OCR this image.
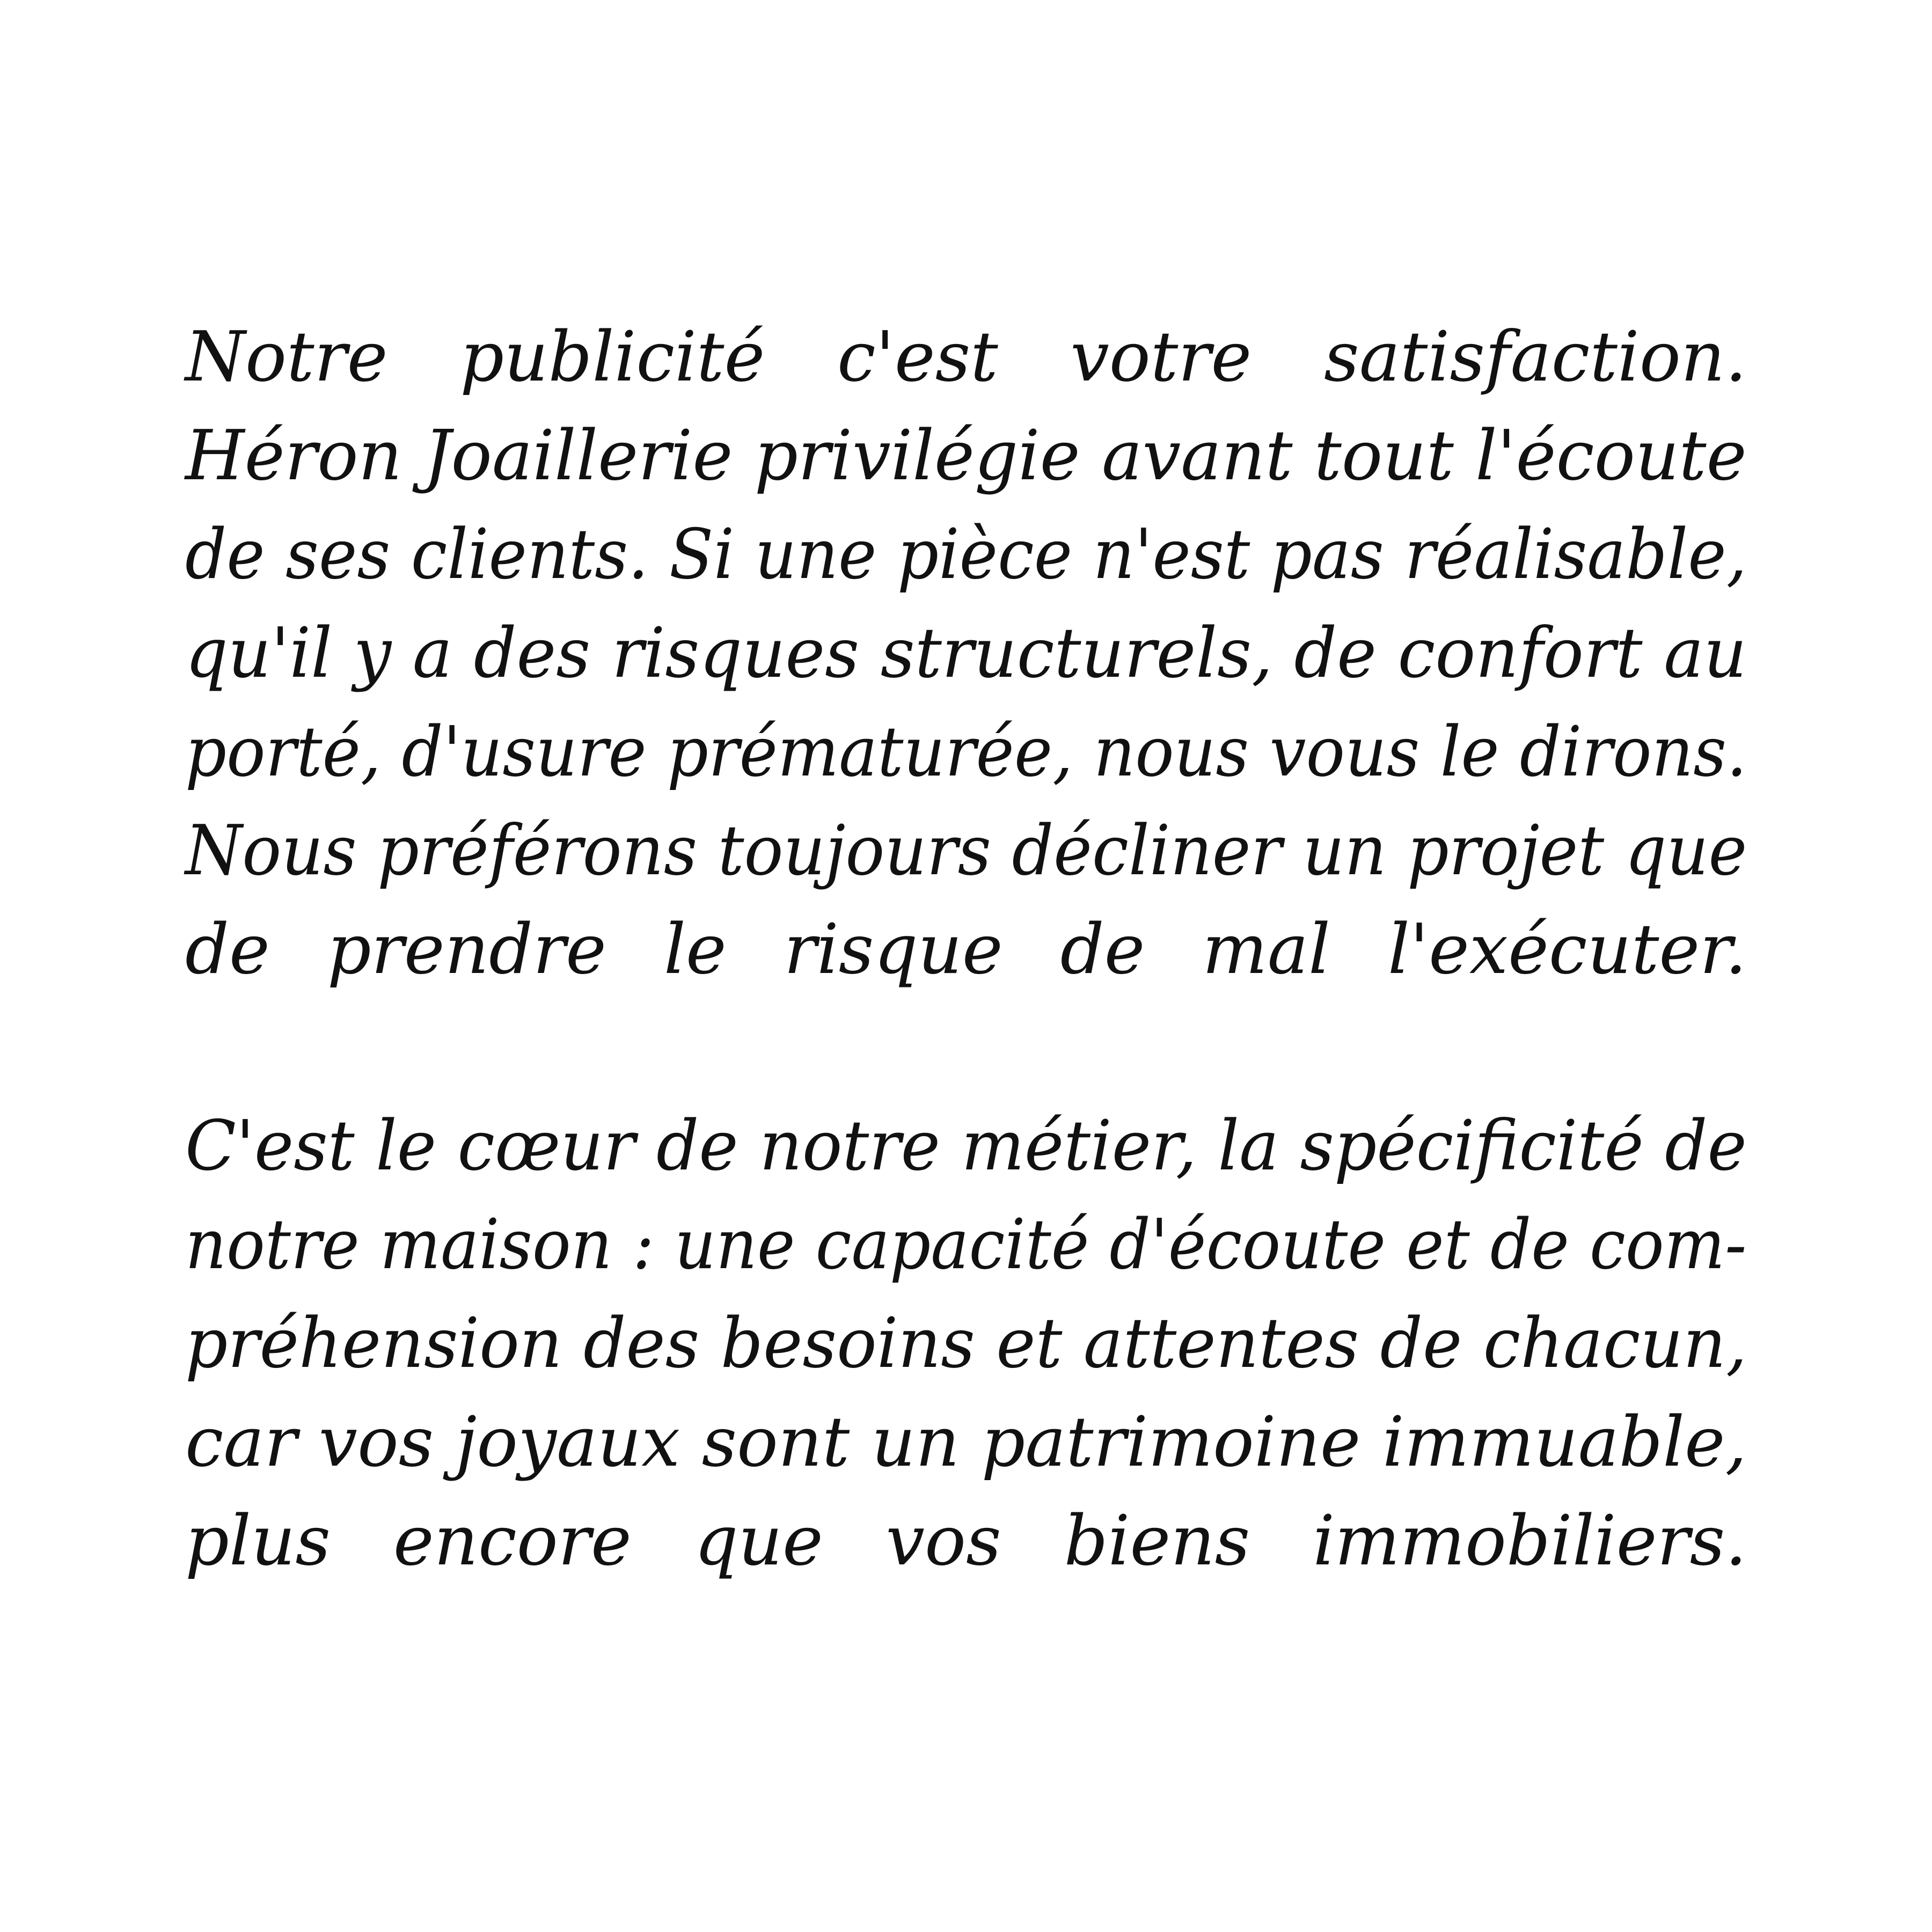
Notre publicité c'est votre satisfaction.
Héron Joaillerie privilégie avant tout l'écoute
de ses clients. Si une pièce n'est pas réalisable,
qu'il y a des risques structurels, de confort au
porté, d'usure prématurée, nous vous le dirons.
Nous préférons toujours décliner un projet que
de prendre le risque de mal l'exécuter.
C'est le cœur de notre métier, la spécificité de
notre maison : une capacité d'écoute et de com-
préhension des besoins et attentes de chacun,
car vos joyaux sont un patrimoine immuable,
plus encore que vos biens immobiliers.
